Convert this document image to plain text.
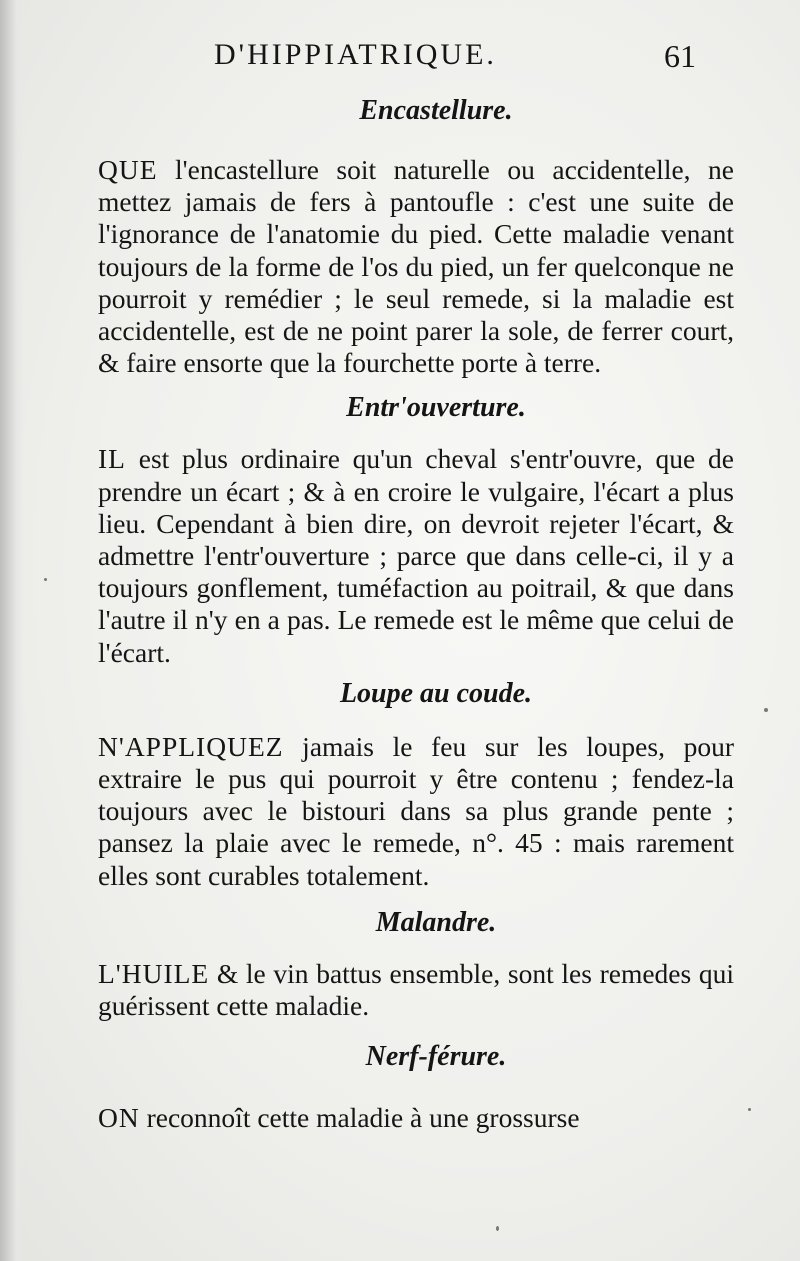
D'HIPPIATRIQUE.	61
Encastellure.

QUE l'encastellure soit naturelle ou accidentelle, ne mettez jamais de fers à pantoufle : c'est une suite de l'ignorance de l'anatomie du pied. Cette maladie venant toujours de la forme de l'os du pied, un fer quelconque ne pourroit y remédier ; le seul remede, si la maladie est accidentelle, est de ne point parer la sole, de ferrer court, & faire ensorte que la fourchette porte à terre.

Entr'ouverture.

IL est plus ordinaire qu'un cheval s'entr'ouvre, que de prendre un écart ; & à en croire le vulgaire, l'écart a plus lieu. Cependant à bien dire, on devroit rejeter l'écart, & admettre l'entr'ouverture ; parce que dans celle-ci, il y a toujours gonflement, tuméfaction au poitrail, & que dans l'autre il n'y en a pas. Le remede est le même que celui de l'écart.

Loupe au coude.

N'APPLIQUEZ jamais le feu sur les loupes, pour extraire le pus qui pourroit y être contenu ; fendez-la toujours avec le bistouri dans sa plus grande pente ; pansez la plaie avec le remede, n°. 45 : mais rarement elles sont curables totalement.

Malandre.

L'HUILE & le vin battus ensemble, sont les remedes qui guérissent cette maladie.

Nerf-férure.

ON reconnoît cette maladie à une grossurse
